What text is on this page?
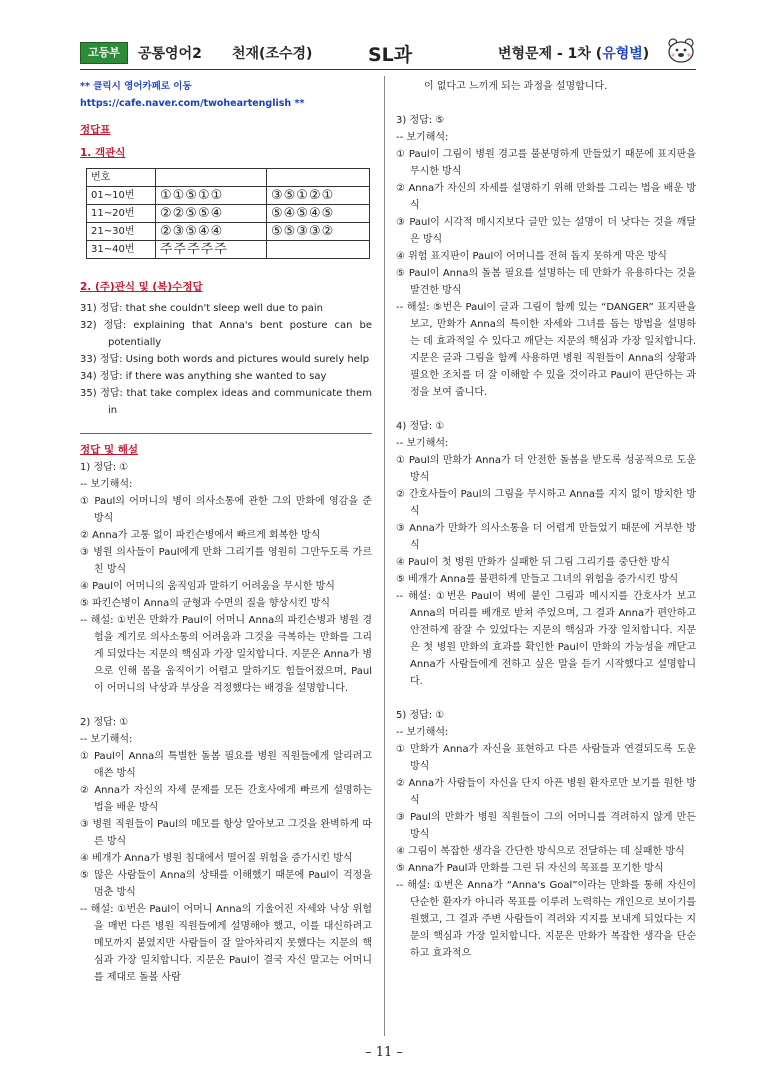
고등부	공통영어2 천재(조수경)	SL과	변형문제 - 1차 (유형별)

** 클릭시 영어카페로 이동 https://cafe.naver.com/twoheartenglish **

정답표

1. 객관식

번호		
01~10번	①①⑤①①	③⑤①②①
11~20번	②②⑤⑤④	⑤④⑤④⑤
21~30번	②③⑤④④	⑤⑤③③②
31~40번	주주주주주	

2. (주)관식 및 (복)수정답

31) 정답: that she couldn't sleep well due to pain

32) 정답: explaining that Anna's bent posture can be potentially

33) 정답: Using both words and pictures would surely help

34) 정답: if there was anything she wanted to say

35) 정답: that take complex ideas and communicate them in

정답 및 해설

1) 정답: ①

-- 보기해석:

① Paul의 어머니의 병이 의사소통에 관한 그의 만화에 영감을 준 방식

② Anna가 고통 없이 파킨슨병에서 빠르게 회복한 방식

③ 병원 의사들이 Paul에게 만화 그리기를 영원히 그만두도록 가르친 방식

④ Paul이 어머니의 움직임과 말하기 어려움을 무시한 방식

⑤ 파킨슨병이 Anna의 균형과 수면의 질을 향상시킨 방식

-- 해설: ①번은 만화가 Paul이 어머니 Anna의 파킨슨병과 병원 경험을 계기로 의사소통의 어려움과 그것을 극복하는 만화를 그리게 되었다는 지문의 핵심과 가장 일치합니다. 지문은 Anna가 병으로 인해 몸을 움직이기 어렵고 말하기도 힘들어졌으며, Paul이 어머니의 낙상과 부상을 걱정했다는 배경을 설명합니다.

2) 정답: ①

-- 보기해석:

① Paul이 Anna의 특별한 돌봄 필요를 병원 직원들에게 알리려고 애쓴 방식

② Anna가 자신의 자세 문제를 모든 간호사에게 빠르게 설명하는 법을 배운 방식

③ 병원 직원들이 Paul의 메모를 항상 알아보고 그것을 완벽하게 따른 방식

④ 베개가 Anna가 병원 침대에서 떨어질 위험을 증가시킨 방식

⑤ 많은 사람들이 Anna의 상태를 이해했기 때문에 Paul이 걱정을 멈춘 방식

-- 해설: ①번은 Paul이 어머니 Anna의 기울어진 자세와 낙상 위험을 매번 다른 병원 직원들에게 설명해야 했고, 이를 대신하려고 메모까지 붙였지만 사람들이 잘 알아차리지 못했다는 지문의 핵심과 가장 일치합니다. 지문은 Paul이 결국 자신 말고는 어머니를 제대로 돌볼 사람

이 없다고 느끼게 되는 과정을 설명합니다.

3) 정답: ⑤

-- 보기해석:

① Paul이 그림이 병원 경고를 불분명하게 만들었기 때문에 표지판을 무시한 방식

② Anna가 자신의 자세를 설명하기 위해 만화를 그리는 법을 배운 방식

③ Paul이 시각적 메시지보다 글만 있는 설명이 더 낫다는 것을 깨달은 방식

④ 위험 표지판이 Paul이 어머니를 전혀 돕지 못하게 막은 방식

⑤ Paul이 Anna의 돌봄 필요를 설명하는 데 만화가 유용하다는 것을 발견한 방식

-- 해설: ⑤번은 Paul이 글과 그림이 함께 있는 “DANGER” 표지판을 보고, 만화가 Anna의 특이한 자세와 그녀를 돕는 방법을 설명하는 데 효과적일 수 있다고 깨닫는 지문의 핵심과 가장 일치합니다. 지문은 글과 그림을 함께 사용하면 병원 직원들이 Anna의 상황과 필요한 조치를 더 잘 이해할 수 있을 것이라고 Paul이 판단하는 과정을 보여 줍니다.

4) 정답: ①

-- 보기해석:

① Paul의 만화가 Anna가 더 안전한 돌봄을 받도록 성공적으로 도운 방식

② 간호사들이 Paul의 그림을 무시하고 Anna를 지지 없이 방치한 방식

③ Anna가 만화가 의사소통을 더 어렵게 만들었기 때문에 거부한 방식

④ Paul이 첫 병원 만화가 실패한 뒤 그림 그리기를 중단한 방식

⑤ 베개가 Anna를 불편하게 만들고 그녀의 위험을 증가시킨 방식

-- 해설: ①번은 Paul이 벽에 붙인 그림과 메시지를 간호사가 보고 Anna의 머리를 베개로 받쳐 주었으며, 그 결과 Anna가 편안하고 안전하게 잠잘 수 있었다는 지문의 핵심과 가장 일치합니다. 지문은 첫 병원 만화의 효과를 확인한 Paul이 만화의 가능성을 깨닫고 Anna가 사람들에게 전하고 싶은 말을 듣기 시작했다고 설명합니다.

5) 정답: ①

-- 보기해석:

① 만화가 Anna가 자신을 표현하고 다른 사람들과 연결되도록 도운 방식

② Anna가 사람들이 자신을 단지 아픈 병원 환자로만 보기를 원한 방식

③ Paul의 만화가 병원 직원들이 그의 어머니를 격려하지 않게 만든 방식

④ 그림이 복잡한 생각을 간단한 방식으로 전달하는 데 실패한 방식

⑤ Anna가 Paul과 만화를 그린 뒤 자신의 목표를 포기한 방식

-- 해설: ①번은 Anna가 “Anna's Goal”이라는 만화를 통해 자신이 단순한 환자가 아니라 목표를 이루려 노력하는 개인으로 보이기를 원했고, 그 결과 주변 사람들이 격려와 지지를 보내게 되었다는 지문의 핵심과 가장 일치합니다. 지문은 만화가 복잡한 생각을 단순하고 효과적으

– 11 –
